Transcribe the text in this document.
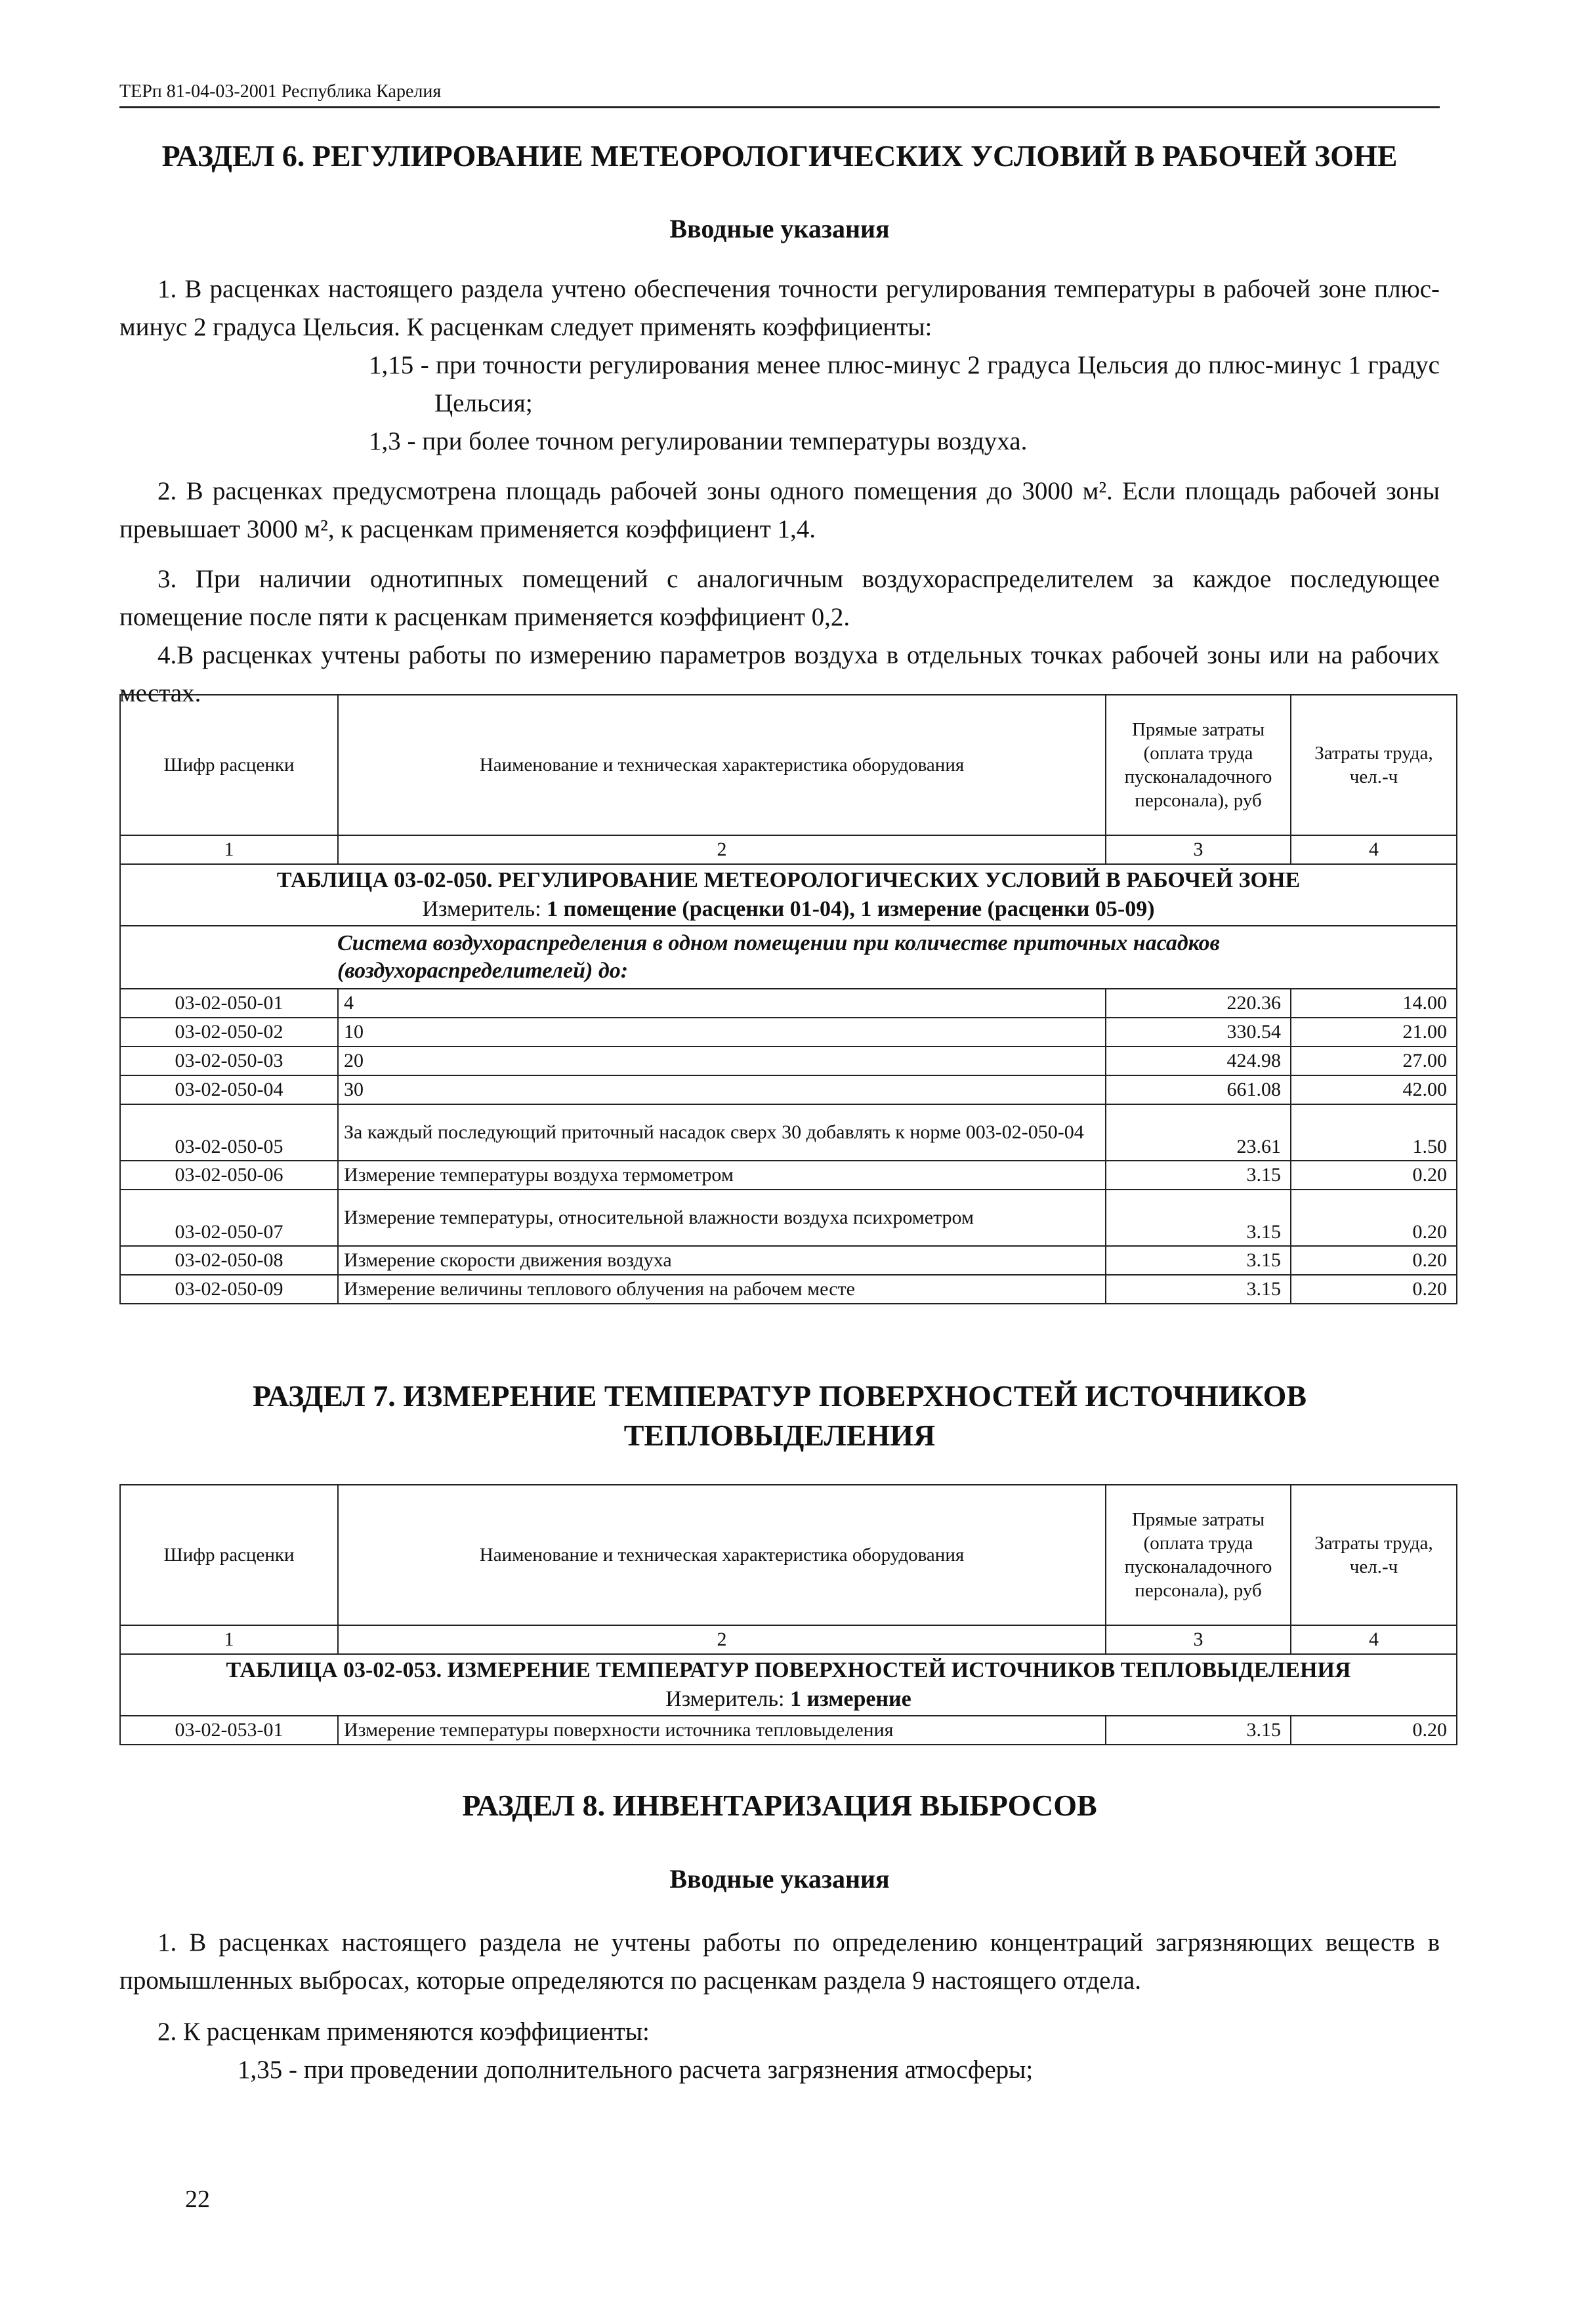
ТЕРп 81-04-03-2001 Республика Карелия
РАЗДЕЛ 6. РЕГУЛИРОВАНИЕ МЕТЕОРОЛОГИЧЕСКИХ УСЛОВИЙ В РАБОЧЕЙ ЗОНЕ
Вводные указания

1. В расценках настоящего раздела учтено обеспечения точности регулирования температуры в рабочей зоне плюс-минус 2 градуса Цельсия. К расценкам следует применять коэффициенты:

1,15 - при точности регулирования менее плюс-минус 2 градуса Цельсия до плюс-минус 1 градус Цельсия;

1,3 - при более точном регулировании температуры воздуха.

2. В расценках предусмотрена площадь рабочей зоны одного помещения до 3000 м². Если площадь рабочей зоны превышает 3000 м², к расценкам применяется коэффициент 1,4.

3. При наличии однотипных помещений с аналогичным воздухораспределителем за каждое последующее помещение после пяти к расценкам применяется коэффициент 0,2.

4.В расценках учтены работы по измерению параметров воздуха в отдельных точках рабочей зоны или на рабочих местах.

Шифр расценки	Наименование и техническая характеристика оборудования	Прямые затраты (оплата труда пусконаладочного персонала), руб	Затраты труда, чел.-ч
1	2	3	4

ТАБЛИЦА 03-02-050. РЕГУЛИРОВАНИЕ МЕТЕОРОЛОГИЧЕСКИХ УСЛОВИЙ В РАБОЧЕЙ ЗОНЕ
Измеритель: 1 помещение (расценки 01-04), 1 измерение (расценки 05-09)			

Система воздухораспределения в одном помещении при количестве приточных насадков (воздухораспределителей) до:			
03-02-050-01	4	220.36	14.00
03-02-050-02	10	330.54	21.00
03-02-050-03	20	424.98	27.00
03-02-050-04	30	661.08	42.00
03-02-050-05	За каждый последующий приточный насадок сверх 30 добавлять к норме 003-02-050-04	23.61	1.50
03-02-050-06	Измерение температуры воздуха термометром	3.15	0.20
03-02-050-07	Измерение температуры, относительной влажности воздуха психрометром	3.15	0.20
03-02-050-08	Измерение скорости движения воздуха	3.15	0.20
03-02-050-09	Измерение величины теплового облучения на рабочем месте	3.15	0.20
РАЗДЕЛ 7. ИЗМЕРЕНИЕ ТЕМПЕРАТУР ПОВЕРХНОСТЕЙ ИСТОЧНИКОВ
ТЕПЛОВЫДЕЛЕНИЯ
Шифр расценки	Наименование и техническая характеристика оборудования	Прямые затраты (оплата труда пусконаладочного персонала), руб	Затраты труда, чел.-ч
1	2	3	4

ТАБЛИЦА 03-02-053. ИЗМЕРЕНИЕ ТЕМПЕРАТУР ПОВЕРХНОСТЕЙ ИСТОЧНИКОВ ТЕПЛОВЫДЕЛЕНИЯ
Измеритель: 1 измерение			

03-02-053-01	Измерение температуры поверхности источника тепловыделения	3.15	0.20
РАЗДЕЛ 8. ИНВЕНТАРИЗАЦИЯ ВЫБРОСОВ
Вводные указания

1. В расценках настоящего раздела не учтены работы по определению концентраций загрязняющих веществ в промышленных выбросах, которые определяются по расценкам раздела 9 настоящего отдела.

2. К расценкам применяются коэффициенты:

1,35 - при проведении дополнительного расчета загрязнения атмосферы;

22
